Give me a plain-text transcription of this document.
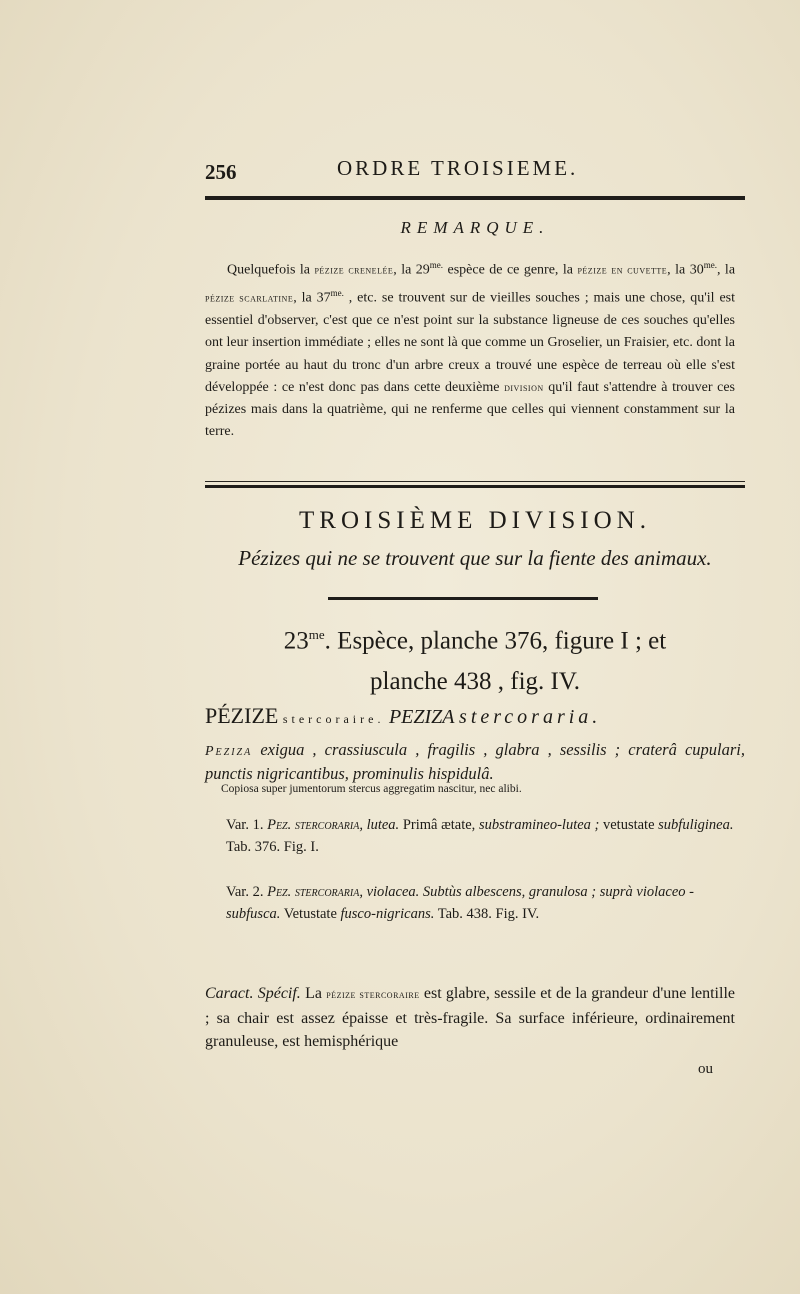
256	ORDRE TROISIEME.
REMARQUE.
Quelquefois la pézize crenelée, la $29^{me.}$ espèce de ce genre, la pézize en cuvette, la $30^{me.}$, la pézize scarlatine, la $37^{me.}$ , etc. se trouvent sur de vieilles souches ; mais une chose, qu'il est essentiel d'observer, c'est que ce n'est point sur la substance ligneuse de ces souches qu'elles ont leur insertion immédiate ; elles ne sont là que comme un Groselier, un Fraisier, etc. dont la graine portée au haut du tronc d'un arbre creux a trouvé une espèce de terreau où elle s'est développée : ce n'est donc pas dans cette deuxième division qu'il faut s'attendre à trouver ces pézizes mais dans la quatrième, qui ne renferme que celles qui viennent constamment sur la terre.
TROISIÈME DIVISION.
Pézizes qui ne se trouvent que sur la fiente des animaux.
$23^{me}$. Espèce, planche 376, figure I ; et
planche 438 , fig. IV.
PÉZIZE stercoraire. PEZIZA stercoraria.
Peziza exigua , crassiuscula , fragilis , glabra , sessilis ; craterâ cupulari, punctis nigricantibus, prominulis hispidulâ.
Copiosa super jumentorum stercus aggregatim nascitur, nec alibi.
Var. 1. Pez. stercoraria, lutea. Primâ ætate, substramineo-lutea ; vetustate subfuliginea. Tab. 376. Fig. I.
Var. 2. Pez. stercoraria, violacea. Subtùs albescens, granulosa ; suprà violaceo - subfusca. Vetustate fusco-nigricans. Tab. 438. Fig. IV.
Caract. Spécif. La pézize stercoraire est glabre, sessile et de la grandeur d'une lentille ; sa chair est assez épaisse et très-fragile. Sa surface inférieure, ordinairement granuleuse, est hemisphérique
ou
